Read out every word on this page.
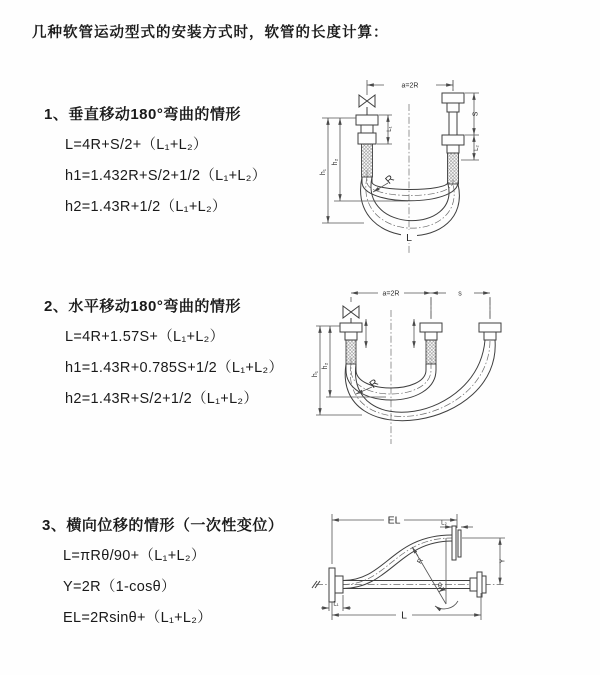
几种软管运动型式的安装方式时，软管的长度计算：
1、垂直移动180°弯曲的情形
L=4R+S/2+（L₁+L₂）
h1=1.432R+S/2+1/2（L₁+L₂）
h2=1.43R+1/2（L₁+L₂）
a=2R
L₁
S
L₂
h₁
h₂
R
L
2、水平移动180°弯曲的情形
L=4R+1.57S+（L₁+L₂）
h1=1.43R+0.785S+1/2（L₁+L₂）
h2=1.43R+S/2+1/2（L₁+L₂）
a=2R	s
h₁
h₂
R
3、横向位移的情形（一次性变位）
L=πRθ/90+（L₁+L₂）
Y=2R（1-cosθ）
EL=2Rsinθ+（L₁+L₂）
EL	L₂
Y
R
θ
L
L₁
